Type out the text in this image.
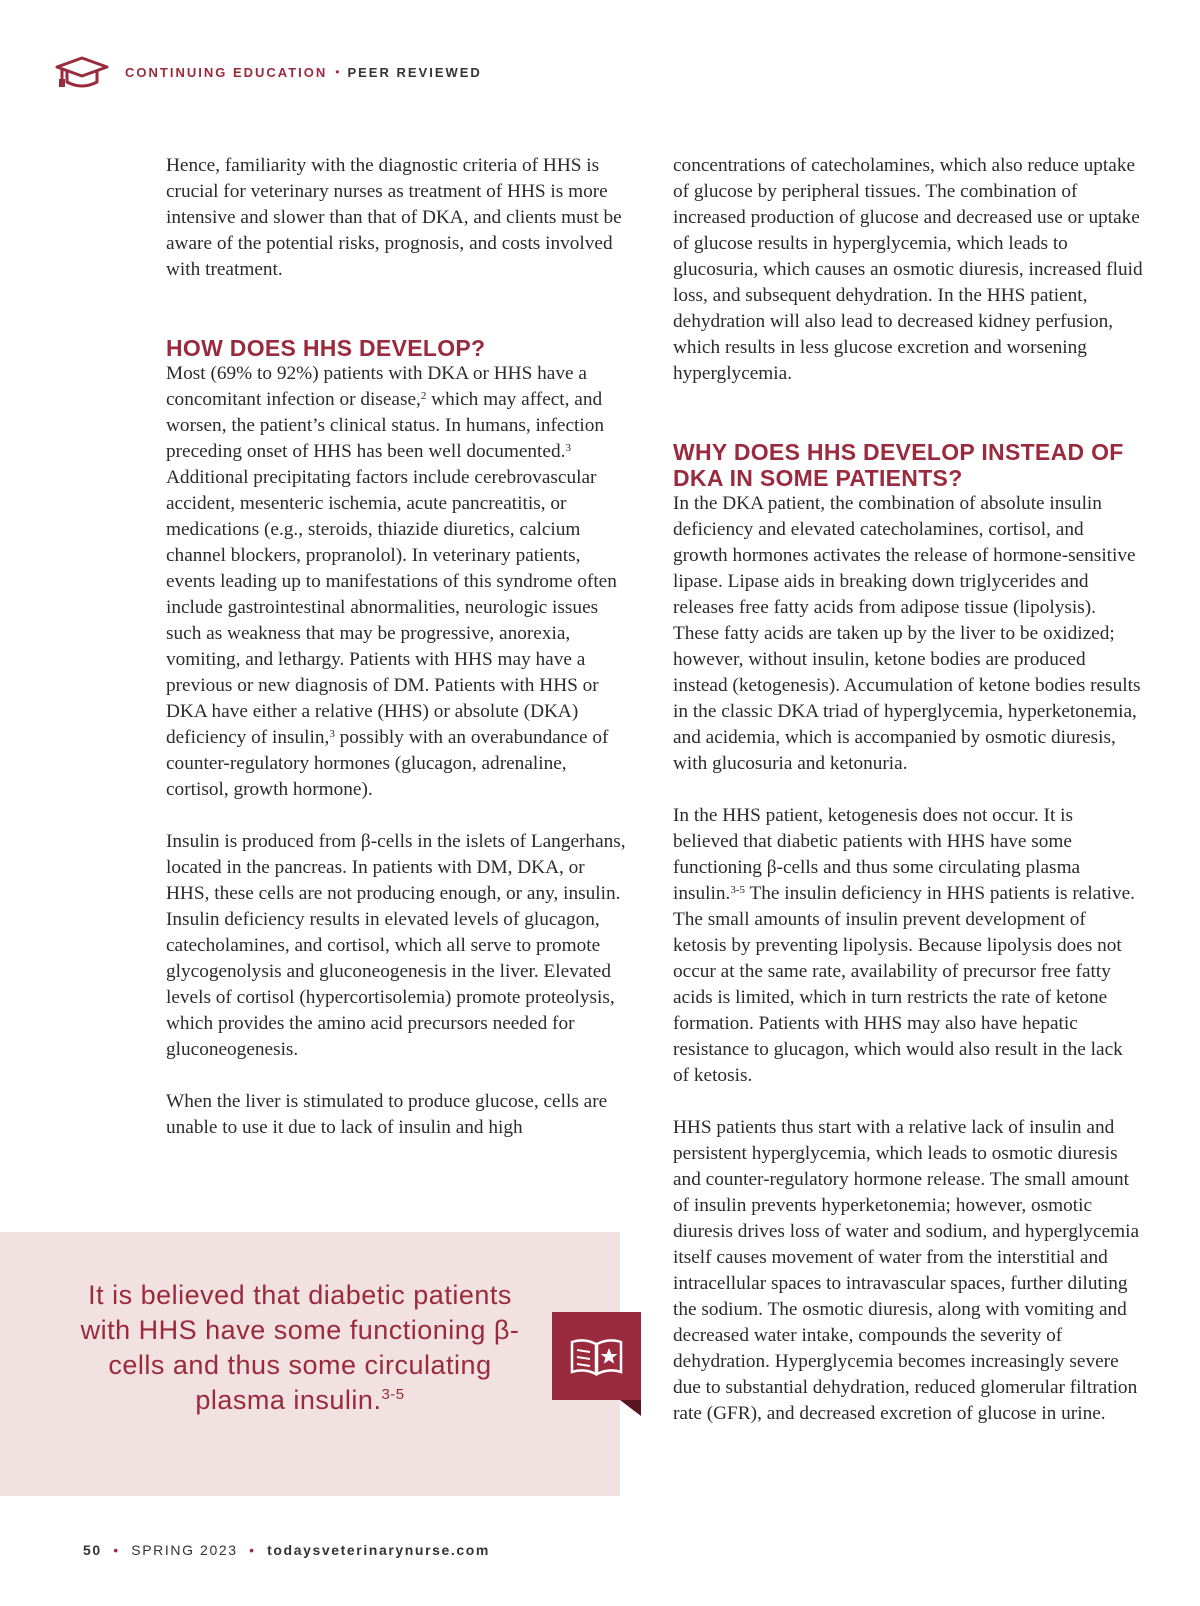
CONTINUING EDUCATION • PEER REVIEWED

Hence, familiarity with the diagnostic criteria of HHS is crucial for veterinary nurses as treatment of HHS is more intensive and slower than that of DKA, and clients must be aware of the potential risks, prognosis, and costs involved with treatment.

HOW DOES HHS DEVELOP?

Most (69% to 92%) patients with DKA or HHS have a concomitant infection or disease,$^2$ which may affect, and worsen, the patient’s clinical status. In humans, infection preceding onset of HHS has been well documented.$^3$ Additional precipitating factors include cerebrovascular accident, mesenteric ischemia, acute pancreatitis, or medications (e.g., steroids, thiazide diuretics, calcium channel blockers, propranolol). In veterinary patients, events leading up to manifestations of this syndrome often include gastrointestinal abnormalities, neurologic issues such as weakness that may be progressive, anorexia, vomiting, and lethargy. Patients with HHS may have a previous or new diagnosis of DM. Patients with HHS or DKA have either a relative (HHS) or absolute (DKA) deficiency of insulin,$^3$ possibly with an overabundance of counter-regulatory hormones (glucagon, adrenaline, cortisol, growth hormone).

Insulin is produced from β-cells in the islets of Langerhans, located in the pancreas. In patients with DM, DKA, or HHS, these cells are not producing enough, or any, insulin. Insulin deficiency results in elevated levels of glucagon, catecholamines, and cortisol, which all serve to promote glycogenolysis and gluconeogenesis in the liver. Elevated levels of cortisol (hypercortisolemia) promote proteolysis, which provides the amino acid precursors needed for gluconeogenesis.

When the liver is stimulated to produce glucose, cells are unable to use it due to lack of insulin and high

concentrations of catecholamines, which also reduce uptake of glucose by peripheral tissues. The combination of increased production of glucose and decreased use or uptake of glucose results in hyperglycemia, which leads to glucosuria, which causes an osmotic diuresis, increased fluid loss, and subsequent dehydration. In the HHS patient, dehydration will also lead to decreased kidney perfusion, which results in less glucose excretion and worsening hyperglycemia.

WHY DOES HHS DEVELOP INSTEAD OF DKA IN SOME PATIENTS?

In the DKA patient, the combination of absolute insulin deficiency and elevated catecholamines, cortisol, and growth hormones activates the release of hormone-sensitive lipase. Lipase aids in breaking down triglycerides and releases free fatty acids from adipose tissue (lipolysis). These fatty acids are taken up by the liver to be oxidized; however, without insulin, ketone bodies are produced instead (ketogenesis). Accumulation of ketone bodies results in the classic DKA triad of hyperglycemia, hyperketonemia, and acidemia, which is accompanied by osmotic diuresis, with glucosuria and ketonuria.

In the HHS patient, ketogenesis does not occur. It is believed that diabetic patients with HHS have some functioning β-cells and thus some circulating plasma insulin.$^{3-5}$ The insulin deficiency in HHS patients is relative. The small amounts of insulin prevent development of ketosis by preventing lipolysis. Because lipolysis does not occur at the same rate, availability of precursor free fatty acids is limited, which in turn restricts the rate of ketone formation. Patients with HHS may also have hepatic resistance to glucagon, which would also result in the lack of ketosis.

HHS patients thus start with a relative lack of insulin and persistent hyperglycemia, which leads to osmotic diuresis and counter-regulatory hormone release. The small amount of insulin prevents hyperketonemia; however, osmotic diuresis drives loss of water and sodium, and hyperglycemia itself causes movement of water from the interstitial and intracellular spaces to intravascular spaces, further diluting the sodium. The osmotic diuresis, along with vomiting and decreased water intake, compounds the severity of dehydration. Hyperglycemia becomes increasingly severe due to substantial dehydration, reduced glomerular filtration rate (GFR), and decreased excretion of glucose in urine.

It is believed that diabetic patients with HHS have some functioning β-cells and thus some circulating plasma insulin.$^{3-5}$
50 • SPRING 2023 • todaysveterinarynurse.com
